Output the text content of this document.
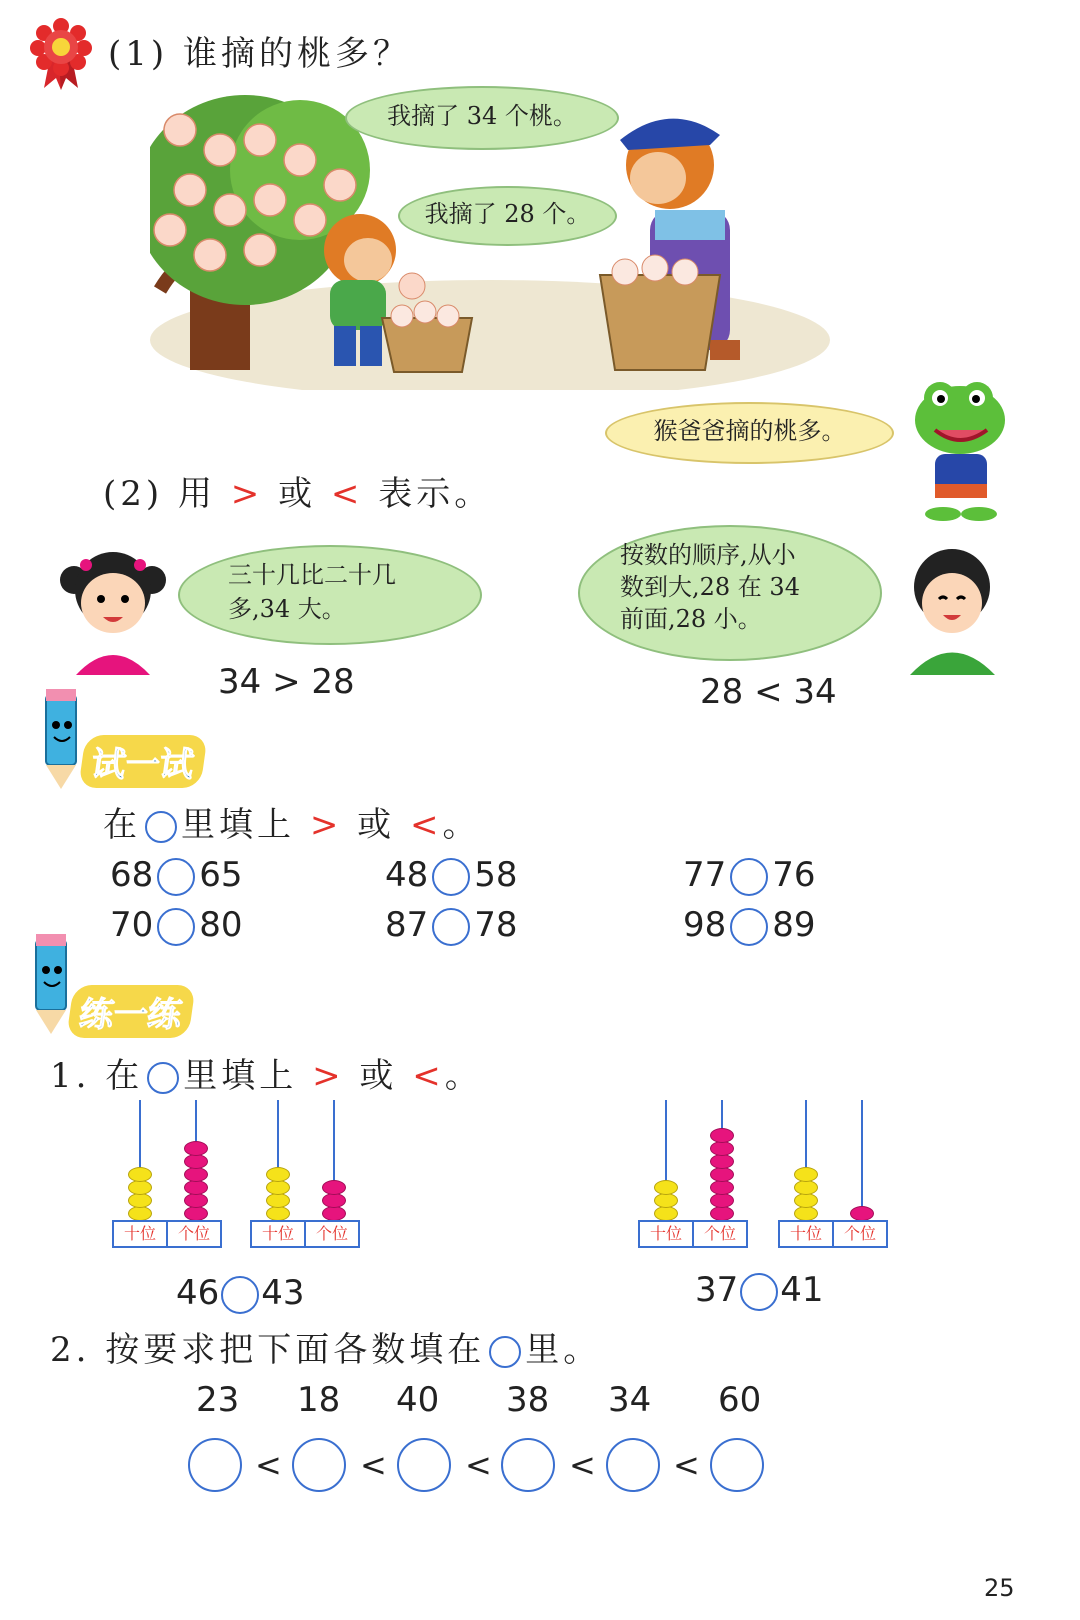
(1) 谁摘的桃多？
我摘了 34 个桃。
我摘了 28 个。
猴爸爸摘的桃多。
(2) 用 > 或 < 表示。
三十几比二十几
多,34 大。
34 > 28
按数的顺序,从小
数到大,28 在 34
前面,28 小。
28 < 34
试一试
在 里填上 > 或 <。
68 65	48 58	77 76
70 80	87 78	98 89
练一练
1. 在 里填上 > 或 <。
十位	个位	十位	个位	十位	个位	十位	个位
46 43	37 41
2. 按要求把下面各数填在 里。
23 18 40 38 34 60
< < < < <
25
